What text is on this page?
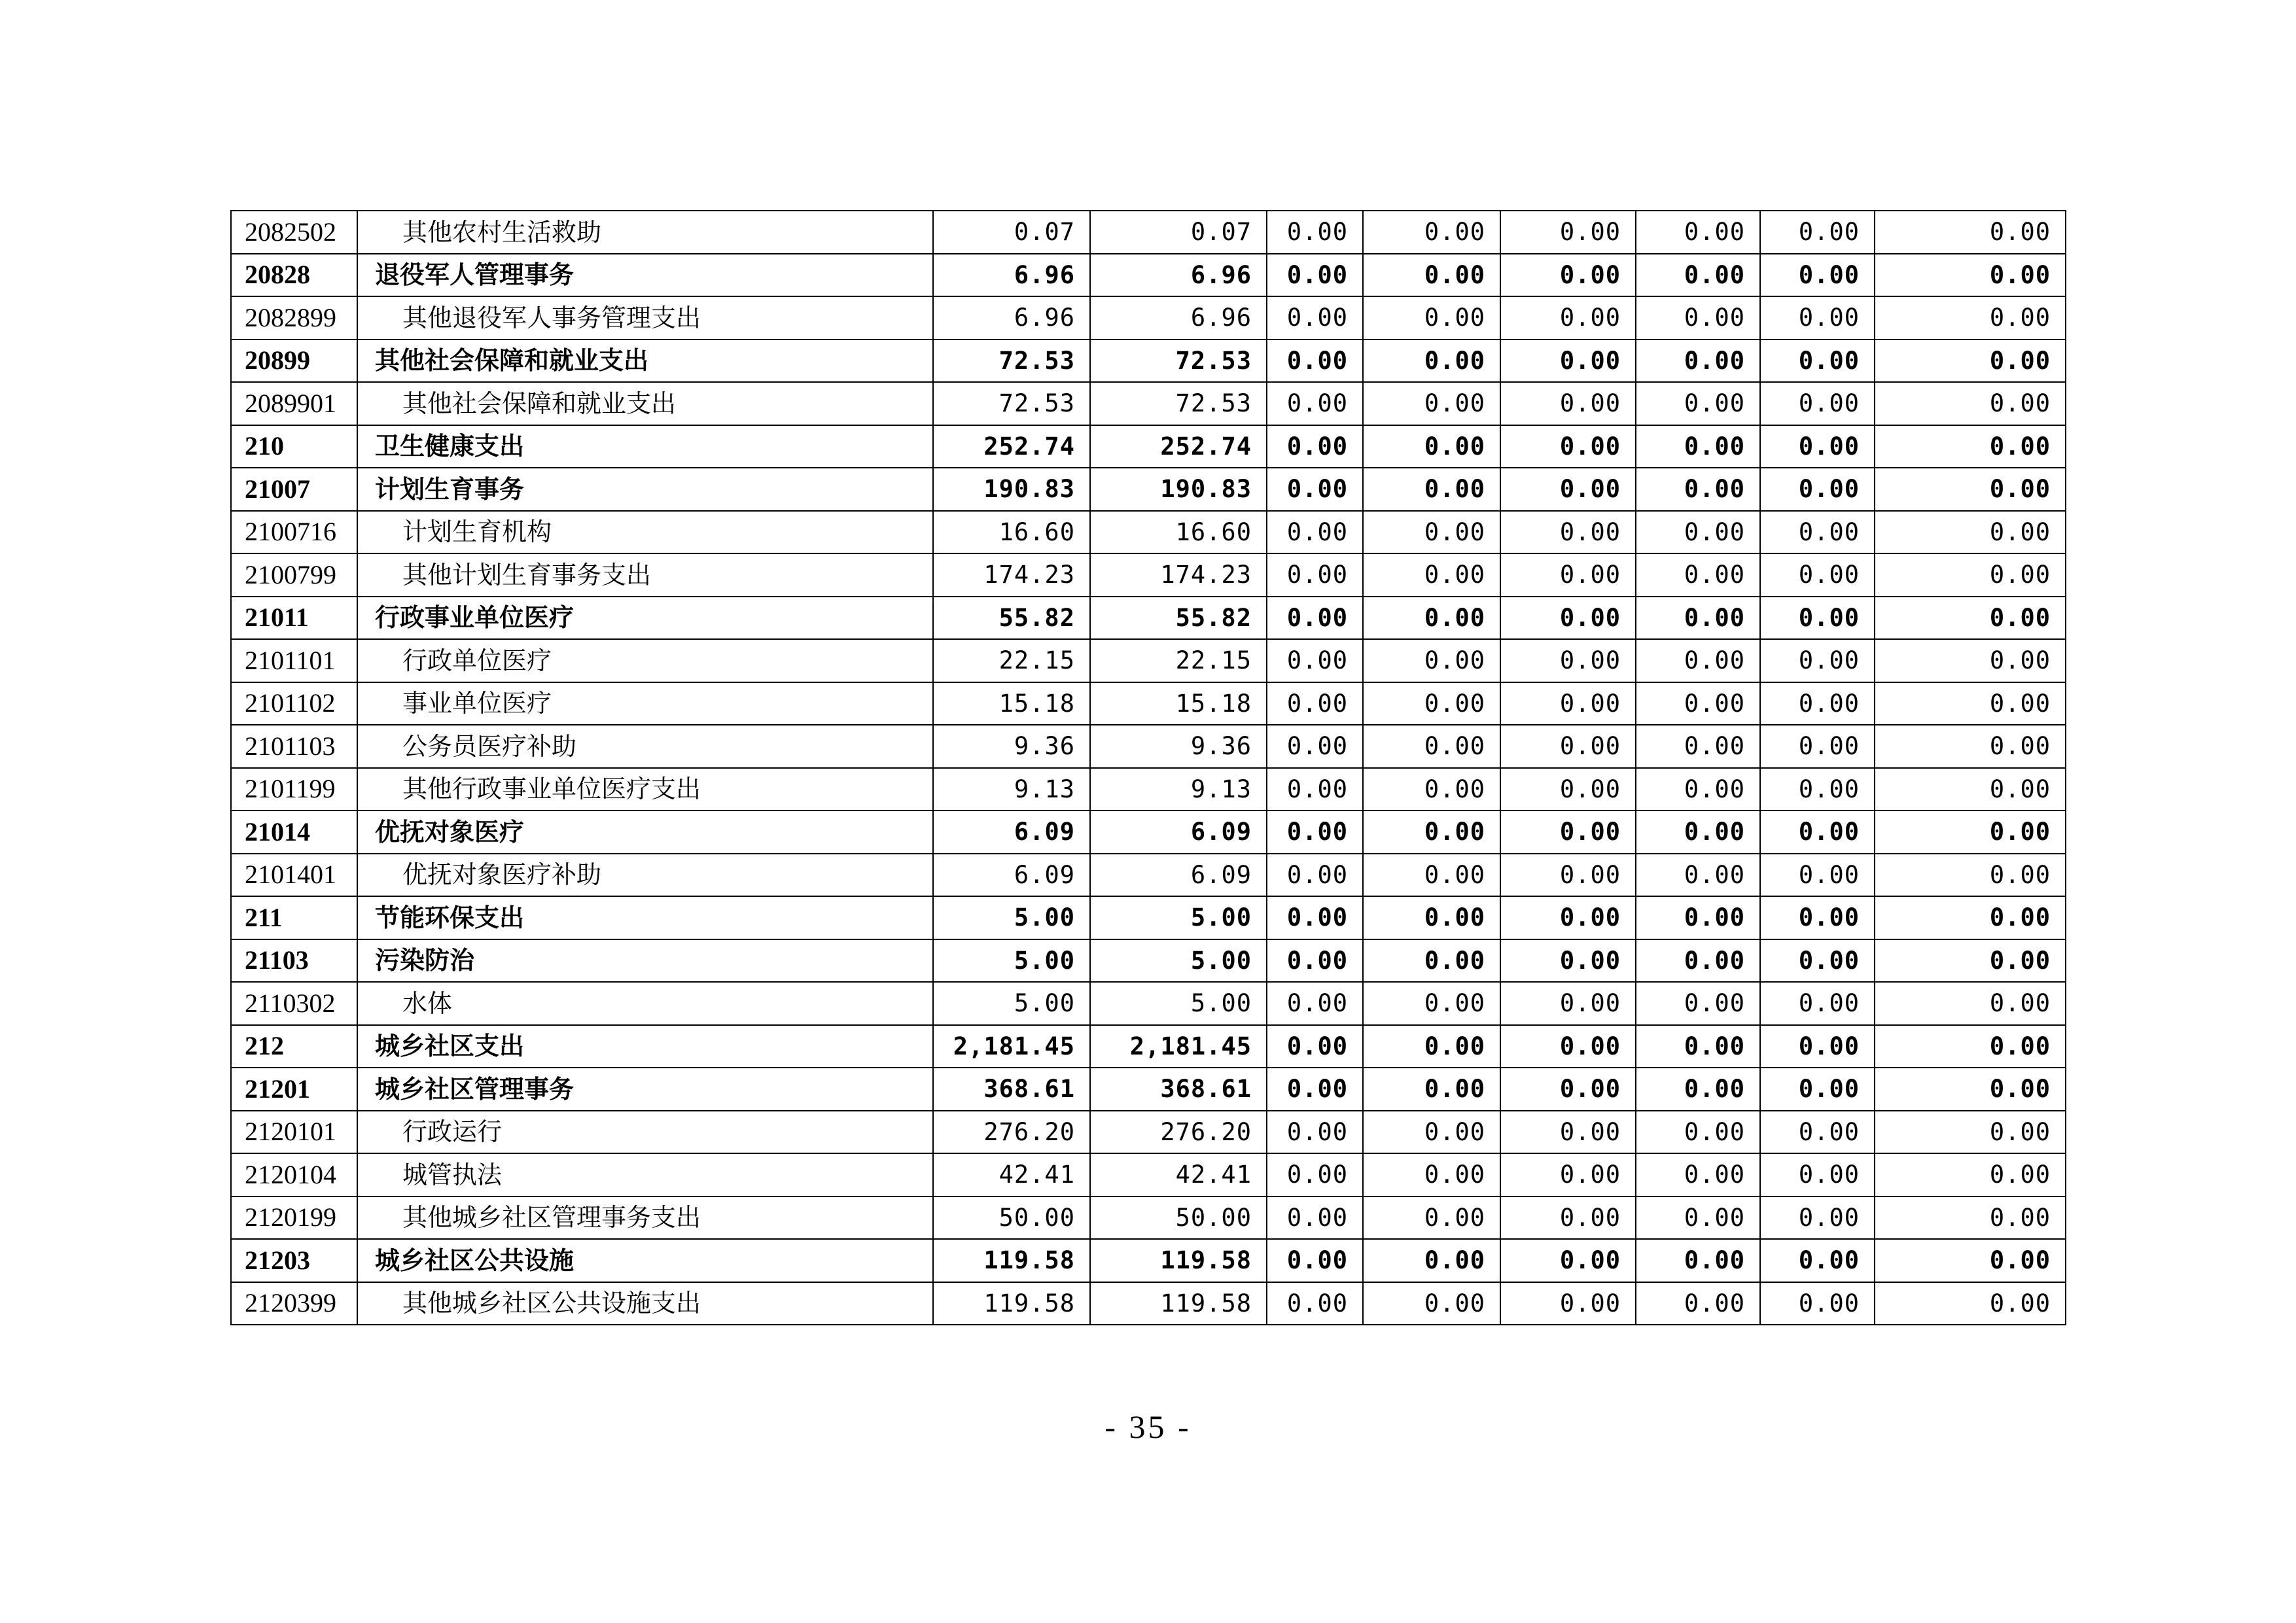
2082502	其他农村生活救助	0.07	0.07	0.00	0.00	0.00	0.00	0.00	0.00
20828	退役军人管理事务	6.96	6.96	0.00	0.00	0.00	0.00	0.00	0.00
2082899	其他退役军人事务管理支出	6.96	6.96	0.00	0.00	0.00	0.00	0.00	0.00
20899	其他社会保障和就业支出	72.53	72.53	0.00	0.00	0.00	0.00	0.00	0.00
2089901	其他社会保障和就业支出	72.53	72.53	0.00	0.00	0.00	0.00	0.00	0.00
210	卫生健康支出	252.74	252.74	0.00	0.00	0.00	0.00	0.00	0.00
21007	计划生育事务	190.83	190.83	0.00	0.00	0.00	0.00	0.00	0.00
2100716	计划生育机构	16.60	16.60	0.00	0.00	0.00	0.00	0.00	0.00
2100799	其他计划生育事务支出	174.23	174.23	0.00	0.00	0.00	0.00	0.00	0.00
21011	行政事业单位医疗	55.82	55.82	0.00	0.00	0.00	0.00	0.00	0.00
2101101	行政单位医疗	22.15	22.15	0.00	0.00	0.00	0.00	0.00	0.00
2101102	事业单位医疗	15.18	15.18	0.00	0.00	0.00	0.00	0.00	0.00
2101103	公务员医疗补助	9.36	9.36	0.00	0.00	0.00	0.00	0.00	0.00
2101199	其他行政事业单位医疗支出	9.13	9.13	0.00	0.00	0.00	0.00	0.00	0.00
21014	优抚对象医疗	6.09	6.09	0.00	0.00	0.00	0.00	0.00	0.00
2101401	优抚对象医疗补助	6.09	6.09	0.00	0.00	0.00	0.00	0.00	0.00
211	节能环保支出	5.00	5.00	0.00	0.00	0.00	0.00	0.00	0.00
21103	污染防治	5.00	5.00	0.00	0.00	0.00	0.00	0.00	0.00
2110302	水体	5.00	5.00	0.00	0.00	0.00	0.00	0.00	0.00
212	城乡社区支出	2,181.45	2,181.45	0.00	0.00	0.00	0.00	0.00	0.00
21201	城乡社区管理事务	368.61	368.61	0.00	0.00	0.00	0.00	0.00	0.00
2120101	行政运行	276.20	276.20	0.00	0.00	0.00	0.00	0.00	0.00
2120104	城管执法	42.41	42.41	0.00	0.00	0.00	0.00	0.00	0.00
2120199	其他城乡社区管理事务支出	50.00	50.00	0.00	0.00	0.00	0.00	0.00	0.00
21203	城乡社区公共设施	119.58	119.58	0.00	0.00	0.00	0.00	0.00	0.00
2120399	其他城乡社区公共设施支出	119.58	119.58	0.00	0.00	0.00	0.00	0.00	0.00
- 35 -
